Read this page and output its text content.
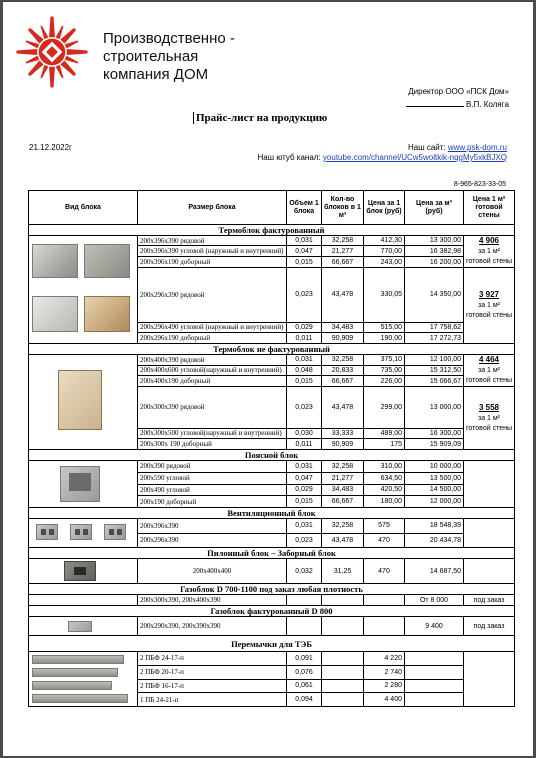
Производственно -
строительная
компания ДОМ
Директор ООО «ПСК Дом»
В.П. Колягa
Прайс-лист на продукцию
21.12.2022г	Наш сайт: www.psk-dom.ru
Наш ютуб канал: youtube.com/channel/UCw5woltkik-nqgMy5xkBJXQ
8-965-823-33-05
Вид блока	Размер блока	Объем 1 блока	Кол-во блоков в 1 м³	Цена за 1 блок (руб)	Цена за м³ (руб)	Цена 1 м² готовой стены
Термоблок фактурованный						

	200х396х390 рядовой	0,031	32,258	412,30	13 300,00	4 906
за 1 м²
готовой стены
	200х396х390 угловой (наружный и внутренний)	0,047	21,277	770,00	16 382,98	
	200х396х190 доборный	0,015	66,667	243,00	16 200,00	
	200х296х390 рядовой	0,023	43,478	330,05	14 350,00	3 927
за 1 м²
готовой стены
	200х296х490 угловой (наружный и внутренний)	0,029	34,483	515,00	17 758,62	
	200х296х190 доборный	0,011	90,909	190,00	17 272,73	
Термоблок не фактурованный						

	200х400х390 рядовой	0,031	32,258	375,10	12 100,00	4 464
за 1 м²
готовой стены
	200х400х600 угловой(наружный и внутренний)	0,048	20,833	735,00	15 312,50	
	200х400х190 доборный	0,015	66,667	226,00	15 066,67	
	200х300х390 рядовой	0,023	43,478	299,00	13 000,00	3 558
за 1 м²
готовой стены
	200х300х500 угловой(наружный и внутренний)	0,030	33,333	489,00	16 300,00	
	200х300х 190 доборный	0,011	90,909	175	15 909,09	
Поясной блок						

	200х390 рядовой	0,031	32,258	310,00	10 000,00	
	200х590 угловой	0,047	21,277	634,50	13 500,00	
	200х490 угловой	0,029	34,483	420,50	14 500,00	
	200х190 доборный	0,015	66,667	180,00	12 000,00	
Вентиляционный блок						

	200х396х390	0,031	32,258	575	18 548,39	
	200х296х390	0,023	43,478	470	20 434,78	
Пилонный блок – Заборный блок						

	200х400х400	0,032	31,25	470	14 687,50	
Газоблок D 700-1100 под заказ любая плотность						
	200х300х390, 200х400х390				От 8 000	под заказ
Газоблок фактурованный D 800						

	200х290х390, 200х390х390				9 400	под заказ
Перемычки для ТЭБ						

	2 ПБФ 24-17-п	0,091		4 220		
	2 ПБФ 20-17-п	0,076		2 740		
	2 ПБФ 16-17-п	0,061		2 280		
	1 ПБ 24-21-п	0,094		4 400		
